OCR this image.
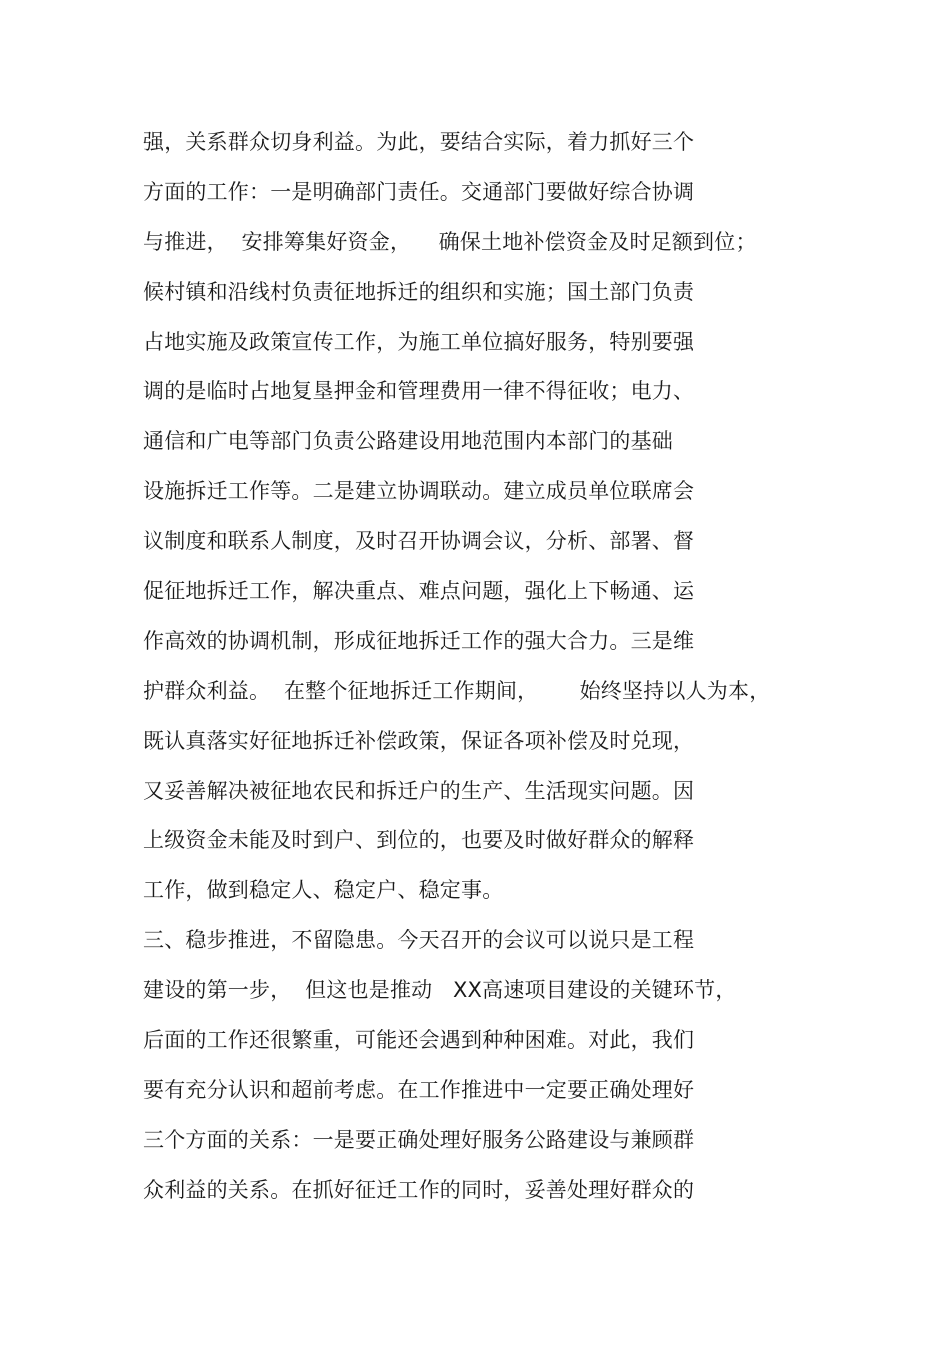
强，关系群众切身利益。为此，要结合实际，着力抓好三个
方面的工作：一是明确部门责任。交通部门要做好综合协调
与推进，  安排筹集好资金，    确保土地补偿资金及时足额到位；
候村镇和沿线村负责征地拆迁的组织和实施；国土部门负责
占地实施及政策宣传工作，为施工单位搞好服务，特别要强
调的是临时占地复垦押金和管理费用一律不得征收；电力、
通信和广电等部门负责公路建设用地范围内本部门的基础
设施拆迁工作等。二是建立协调联动。建立成员单位联席会
议制度和联系人制度，及时召开协调会议，分析、部署、督
促征地拆迁工作，解决重点、难点问题，强化上下畅通、运
作高效的协调机制，形成征地拆迁工作的强大合力。三是维
护群众利益。  在整个征地拆迁工作期间，      始终坚持以人为本，
既认真落实好征地拆迁补偿政策，保证各项补偿及时兑现，
又妥善解决被征地农民和拆迁户的生产、生活现实问题。因
上级资金未能及时到户、到位的，也要及时做好群众的解释
工作，做到稳定人、稳定户、稳定事。
三、稳步推进，不留隐患。今天召开的会议可以说只是工程
建设的第一步，  但这也是推动   XX高速项目建设的关键环节，
后面的工作还很繁重，可能还会遇到种种困难。对此，我们
要有充分认识和超前考虑。在工作推进中一定要正确处理好
三个方面的关系：一是要正确处理好服务公路建设与兼顾群
众利益的关系。在抓好征迁工作的同时，妥善处理好群众的
